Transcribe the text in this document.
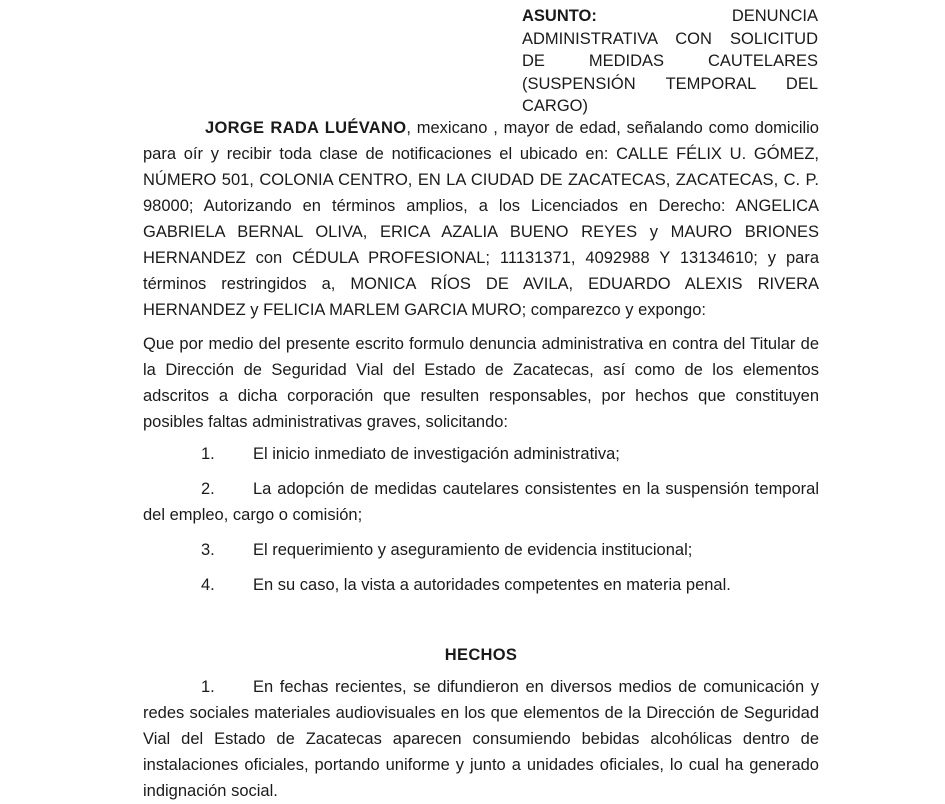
ASUNTO: DENUNCIA ADMINISTRATIVA CON SOLICITUD DE MEDIDAS CAUTELARES (SUSPENSIÓN TEMPORAL DEL CARGO)

JORGE RADA LUÉVANO, mexicano , mayor de edad, señalando como domicilio para oír y recibir toda clase de notificaciones el ubicado en: CALLE FÉLIX U. GÓMEZ, NÚMERO 501, COLONIA CENTRO, EN LA CIUDAD DE ZACATECAS, ZACATECAS, C. P. 98000; Autorizando en términos amplios, a los Licenciados en Derecho: ANGELICA GABRIELA BERNAL OLIVA, ERICA AZALIA BUENO REYES y MAURO BRIONES HERNANDEZ con CÉDULA PROFESIONAL; 11131371, 4092988 Y 13134610; y para términos restringidos a, MONICA RÍOS DE AVILA, EDUARDO ALEXIS RIVERA HERNANDEZ y FELICIA MARLEM GARCIA MURO; comparezco y expongo:

Que por medio del presente escrito formulo denuncia administrativa en contra del Titular de la Dirección de Seguridad Vial del Estado de Zacatecas, así como de los elementos adscritos a dicha corporación que resulten responsables, por hechos que constituyen posibles faltas administrativas graves, solicitando:

1. El inicio inmediato de investigación administrativa;

2. La adopción de medidas cautelares consistentes en la suspensión temporal del empleo, cargo o comisión;

3. El requerimiento y aseguramiento de evidencia institucional;

4. En su caso, la vista a autoridades competentes en materia penal.

HECHOS

1. En fechas recientes, se difundieron en diversos medios de comunicación y redes sociales materiales audiovisuales en los que elementos de la Dirección de Seguridad Vial del Estado de Zacatecas aparecen consumiendo bebidas alcohólicas dentro de instalaciones oficiales, portando uniforme y junto a unidades oficiales, lo cual ha generado indignación social.
